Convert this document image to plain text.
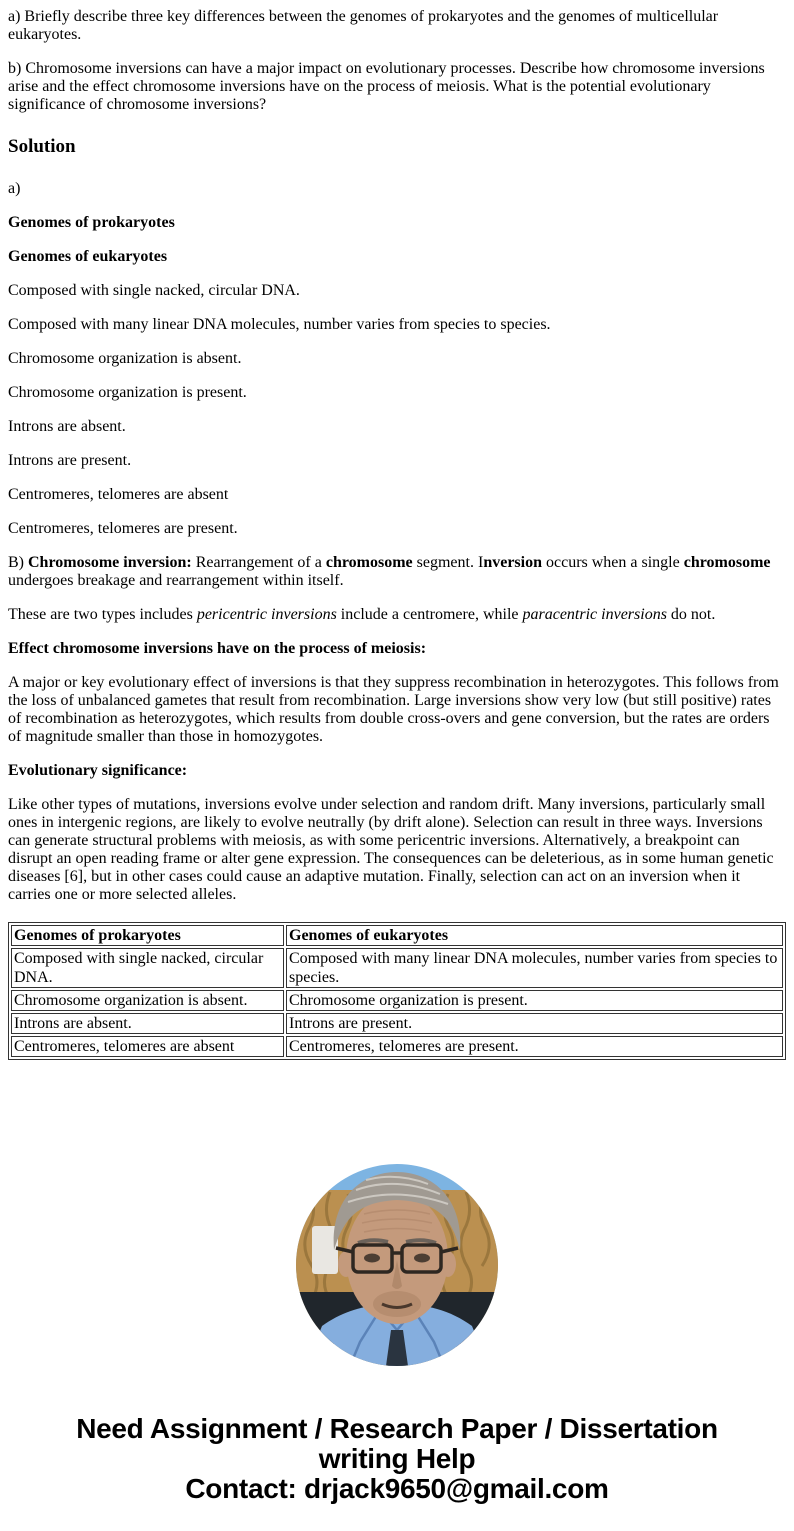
a) Briefly describe three key differences between the genomes of prokaryotes and the genomes of multicellular eukaryotes.

b) Chromosome inversions can have a major impact on evolutionary processes. Describe how chromosome inversions arise and the effect chromosome inversions have on the process of meiosis. What is the potential evolutionary significance of chromosome inversions?

Solution

a)

Genomes of prokaryotes

Genomes of eukaryotes

Composed with single nacked, circular DNA.

Composed with many linear DNA molecules, number varies from species to species.

Chromosome organization is absent.

Chromosome organization is present.

Introns are absent.

Introns are present.

Centromeres, telomeres are absent

Centromeres, telomeres are present.

B) Chromosome inversion: Rearrangement of a chromosome segment. Inversion occurs when a single chromosome undergoes breakage and rearrangement within itself.

These are two types includes pericentric inversions include a centromere, while paracentric inversions do not.

Effect chromosome inversions have on the process of meiosis:

A major or key evolutionary effect of inversions is that they suppress recombination in heterozygotes. This follows from the loss of unbalanced gametes that result from recombination. Large inversions show very low (but still positive) rates of recombination as heterozygotes, which results from double cross-overs and gene conversion, but the rates are orders of magnitude smaller than those in homozygotes.

Evolutionary significance:

Like other types of mutations, inversions evolve under selection and random drift. Many inversions, particularly small ones in intergenic regions, are likely to evolve neutrally (by drift alone). Selection can result in three ways. Inversions can generate structural problems with meiosis, as with some pericentric inversions. Alternatively, a breakpoint can disrupt an open reading frame or alter gene expression. The consequences can be deleterious, as in some human genetic diseases [6], but in other cases could cause an adaptive mutation. Finally, selection can act on an inversion when it carries one or more selected alleles.

Genomes of prokaryotes	Genomes of eukaryotes
Composed with single nacked, circular DNA.	Composed with many linear DNA molecules, number varies from species to species.
Chromosome organization is absent.	Chromosome organization is present.
Introns are absent.	Introns are present.
Centromeres, telomeres are absent	Centromeres, telomeres are present.
Need Assignment / Research Paper / Dissertation
writing Help
Contact: drjack9650@gmail.com
